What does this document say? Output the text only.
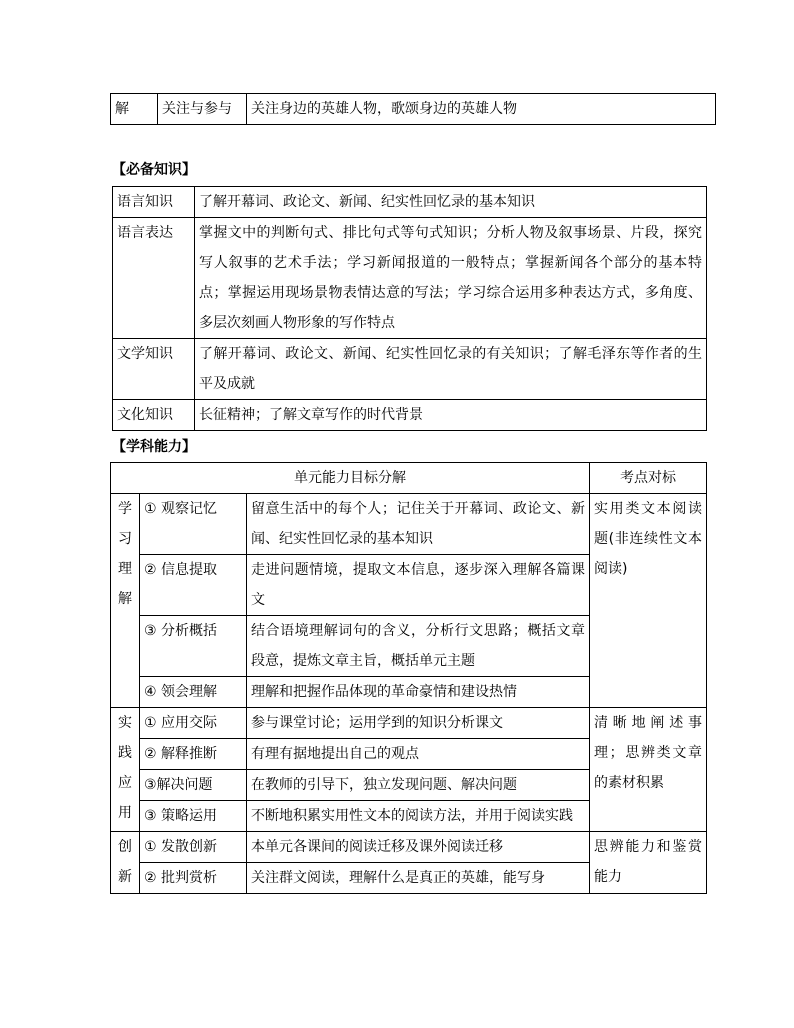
解	关注与参与	关注身边的英雄人物，歌颂身边的英雄人物
【必备知识】
语言知识	了解开幕词、政论文、新闻、纪实性回忆录的基本知识
语言表达	掌握文中的判断句式、排比句式等句式知识；分析人物及叙事场景、片段，探究写人叙事的艺术手法；学习新闻报道的一般特点；掌握新闻各个部分的基本特点；掌握运用现场景物表情达意的写法；学习综合运用多种表达方式，多角度、多层次刻画人物形象的写作特点
文学知识	了解开幕词、政论文、新闻、纪实性回忆录的有关知识；了解毛泽东等作者的生平及成就
文化知识	长征精神；了解文章写作的时代背景
【学科能力】
单元能力目标分解			考点对标

学
习
理
解	① 观察记忆	留意生活中的每个人；记住关于开幕词、政论文、新闻、纪实性回忆录的基本知识	实用类文本阅读题(非连续性文本阅读)
	② 信息提取	走进问题情境，提取文本信息，逐步深入理解各篇课文	
	③ 分析概括	结合语境理解词句的含义，分析行文思路；概括文章段意，提炼文章主旨，概括单元主题	
	④ 领会理解	理解和把握作品体现的革命豪情和建设热情	

实
践
应
用	① 应用交际	参与课堂讨论；运用学到的知识分析课文	清晰地阐述事理；思辨类文章的素材积累
	② 解释推断	有理有据地提出自己的观点	
	③解决问题	在教师的引导下，独立发现问题、解决问题	
	③ 策略运用	不断地积累实用性文本的阅读方法，并用于阅读实践	

创
新	① 发散创新	本单元各课间的阅读迁移及课外阅读迁移	思辨能力和鉴赏能力
	② 批判赏析	关注群文阅读，理解什么是真正的英雄，能写身	
